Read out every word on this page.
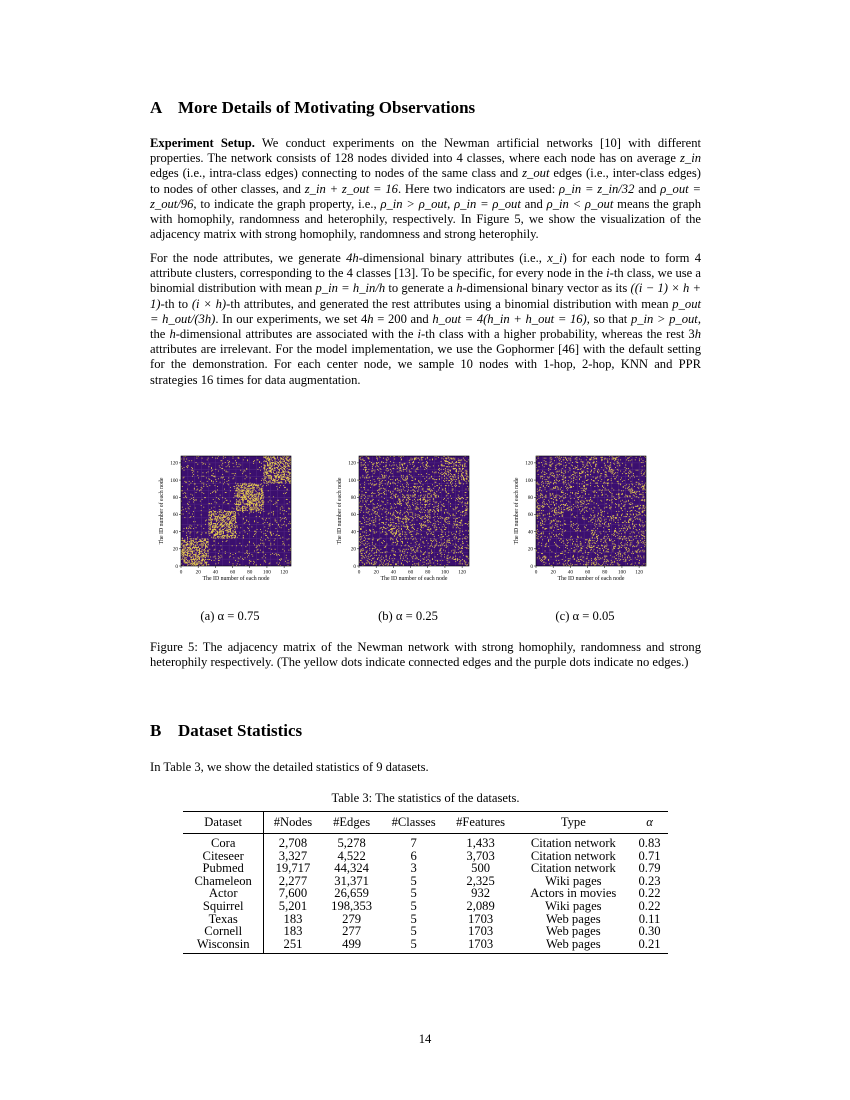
A More Details of Motivating Observations

Experiment Setup. We conduct experiments on the Newman artificial networks [10] with different properties. The network consists of 128 nodes divided into 4 classes, where each node has on average z_in edges (i.e., intra-class edges) connecting to nodes of the same class and z_out edges (i.e., inter-class edges) to nodes of other classes, and z_in + z_out = 16. Here two indicators are used: ρ_in = z_in/32 and ρ_out = z_out/96, to indicate the graph property, i.e., ρ_in > ρ_out, ρ_in = ρ_out and ρ_in < ρ_out means the graph with homophily, randomness and heterophily, respectively. In Figure 5, we show the visualization of the adjacency matrix with strong homophily, randomness and strong heterophily.

For the node attributes, we generate 4h-dimensional binary attributes (i.e., x_i) for each node to form 4 attribute clusters, corresponding to the 4 classes [13]. To be specific, for every node in the i-th class, we use a binomial distribution with mean p_in = h_in/h to generate a h-dimensional binary vector as its ((i − 1) × h + 1)-th to (i × h)-th attributes, and generated the rest attributes using a binomial distribution with mean p_out = h_out/(3h). In our experiments, we set 4h = 200 and h_out = 4(h_in + h_out = 16), so that p_in > p_out, the h-dimensional attributes are associated with the i-th class with a higher probability, whereas the rest 3h attributes are irrelevant. For the model implementation, we use the Gophormer [46] with the default setting for the demonstration. For each center node, we sample 10 nodes with 1-hop, 2-hop, KNN and PPR strategies 16 times for data augmentation.

0
0
20
20
40
40
60
60
80
80
100
100
120
120
The ID number of each node
The ID number of each node
(a) α = 0.75
0
0
20
20
40
40
60
60
80
80
100
100
120
120
The ID number of each node
The ID number of each node
(b) α = 0.25
0
0
20
20
40
40
60
60
80
80
100
100
120
120
The ID number of each node
The ID number of each node
(c) α = 0.05
Figure 5: The adjacency matrix of the Newman network with strong homophily, randomness and strong heterophily respectively. (The yellow dots indicate connected edges and the purple dots indicate no edges.)
B Dataset Statistics
In Table 3, we show the detailed statistics of 9 datasets.
Table 3: The statistics of the datasets.
Dataset	#Nodes	#Edges	#Classes	#Features	Type	α
Cora	2,708	5,278	7	1,433	Citation network	0.83
Citeseer	3,327	4,522	6	3,703	Citation network	0.71
Pubmed	19,717	44,324	3	500	Citation network	0.79
Chameleon	2,277	31,371	5	2,325	Wiki pages	0.23
Actor	7,600	26,659	5	932	Actors in movies	0.22
Squirrel	5,201	198,353	5	2,089	Wiki pages	0.22
Texas	183	279	5	1703	Web pages	0.11
Cornell	183	277	5	1703	Web pages	0.30
Wisconsin	251	499	5	1703	Web pages	0.21
14
